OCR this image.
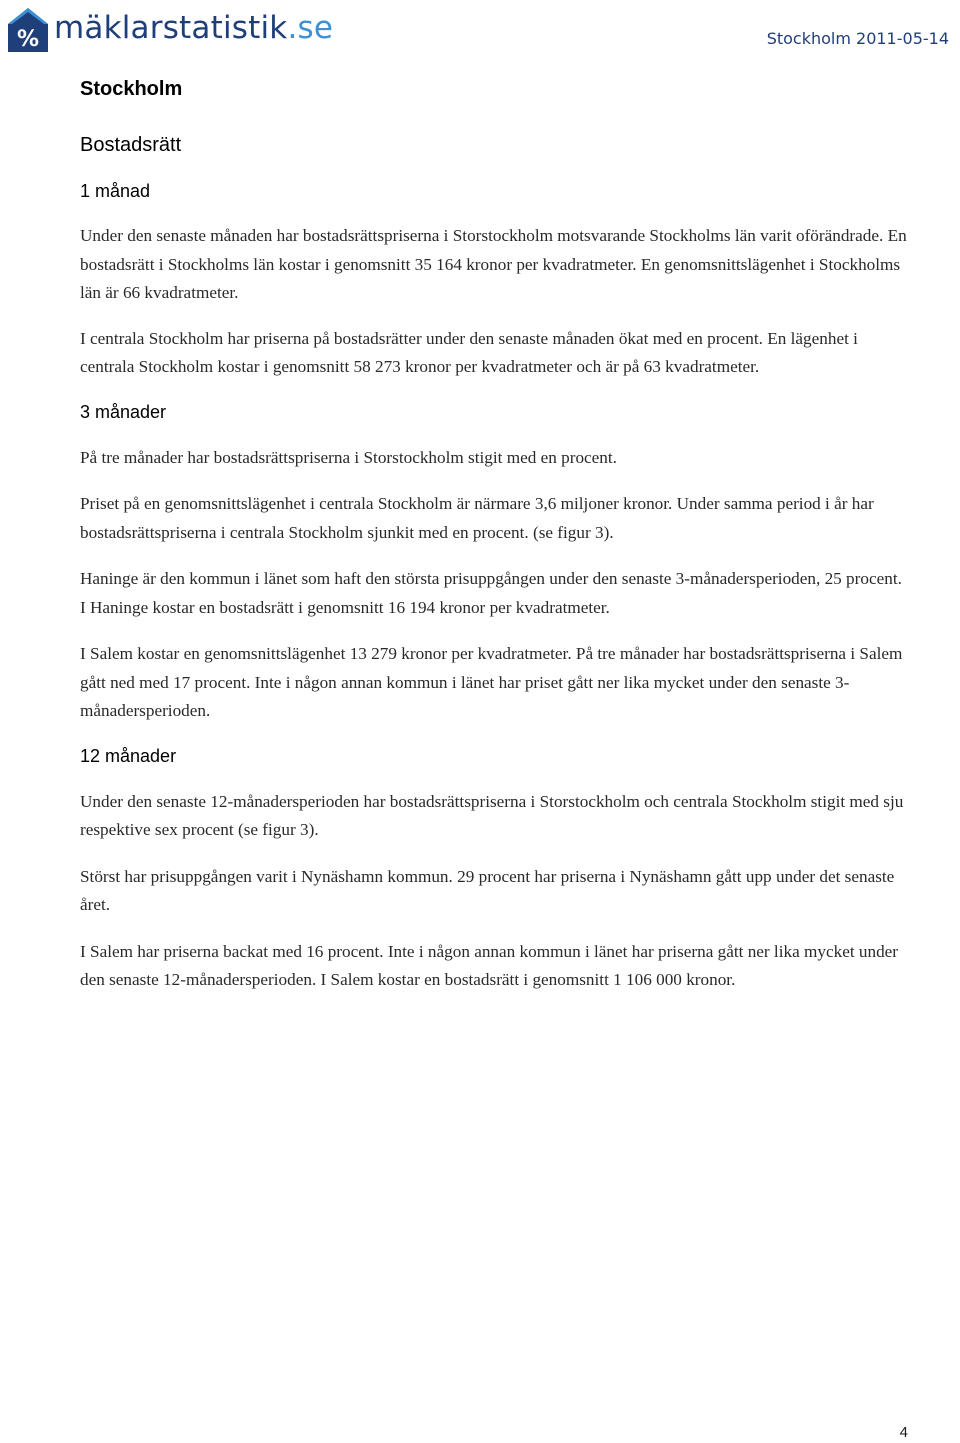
% mäklarstatistik.se	Stockholm 2011-05-14
Stockholm
Bostadsrätt
1 månad

Under den senaste månaden har bostadsrättspriserna i Storstockholm motsvarande Stockholms län varit oförändrade. En bostadsrätt i Stockholms län kostar i genomsnitt 35 164 kronor per kvadratmeter. En genomsnittslägenhet i Stockholms län är 66 kvadratmeter.

I centrala Stockholm har priserna på bostadsrätter under den senaste månaden ökat med en procent. En lägenhet i centrala Stockholm kostar i genomsnitt 58 273 kronor per kvadratmeter och är på 63 kvadratmeter.

3 månader

På tre månader har bostadsrättspriserna i Storstockholm stigit med en procent.

Priset på en genomsnittslägenhet i centrala Stockholm är närmare 3,6 miljoner kronor. Under samma period i år har bostadsrättspriserna i centrala Stockholm sjunkit med en procent. (se figur 3).

Haninge är den kommun i länet som haft den största prisuppgången under den senaste 3-månadersperioden, 25 procent. I Haninge kostar en bostadsrätt i genomsnitt 16 194 kronor per kvadratmeter.

I Salem kostar en genomsnittslägenhet 13 279 kronor per kvadratmeter. På tre månader har bostadsrättspriserna i Salem gått ned med 17 procent. Inte i någon annan kommun i länet har priset gått ner lika mycket under den senaste 3-månadersperioden.

12 månader

Under den senaste 12-månadersperioden har bostadsrättspriserna i Storstockholm och centrala Stockholm stigit med sju respektive sex procent (se figur 3).

Störst har prisuppgången varit i Nynäshamn kommun. 29 procent har priserna i Nynäshamn gått upp under det senaste året.

I Salem har priserna backat med 16 procent. Inte i någon annan kommun i länet har priserna gått ner lika mycket under den senaste 12-månadersperioden. I Salem kostar en bostadsrätt i genomsnitt 1 106 000 kronor.

4
